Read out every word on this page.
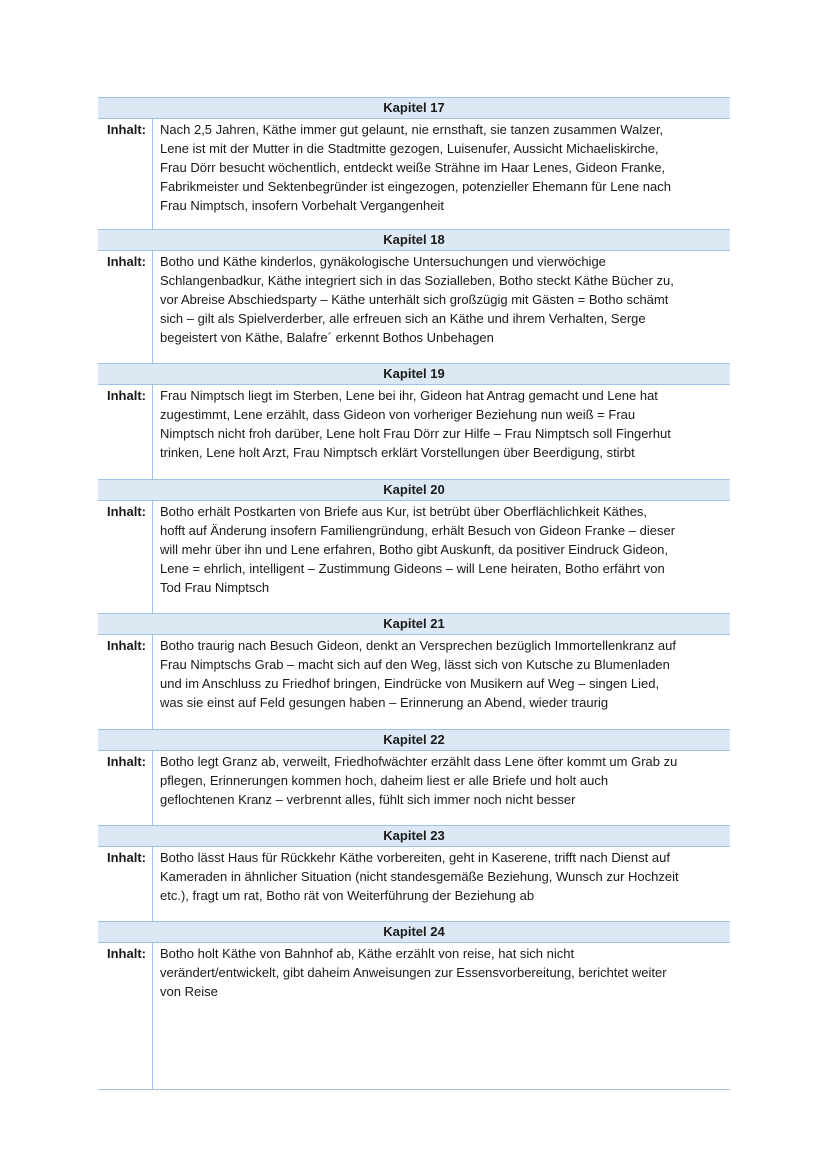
Kapitel 17
Inhalt:	Nach 2,5 Jahren, Käthe immer gut gelaunt, nie ernsthaft, sie tanzen zusammen Walzer,
Lene ist mit der Mutter in die Stadtmitte gezogen, Luisenufer, Aussicht Michaeliskirche,
Frau Dörr besucht wöchentlich, entdeckt weiße Strähne im Haar Lenes, Gideon Franke,
Fabrikmeister und Sektenbegründer ist eingezogen, potenzieller Ehemann für Lene nach
Frau Nimptsch, insofern Vorbehalt Vergangenheit
Kapitel 18
Inhalt:	Botho und Käthe kinderlos, gynäkologische Untersuchungen und vierwöchige
Schlangenbadkur, Käthe integriert sich in das Sozialleben, Botho steckt Käthe Bücher zu,
vor Abreise Abschiedsparty – Käthe unterhält sich großzügig mit Gästen = Botho schämt
sich – gilt als Spielverderber, alle erfreuen sich an Käthe und ihrem Verhalten, Serge
begeistert von Käthe, Balafre´ erkennt Bothos Unbehagen
Kapitel 19
Inhalt:	Frau Nimptsch liegt im Sterben, Lene bei ihr, Gideon hat Antrag gemacht und Lene hat
zugestimmt, Lene erzählt, dass Gideon von vorheriger Beziehung nun weiß = Frau
Nimptsch nicht froh darüber, Lene holt Frau Dörr zur Hilfe – Frau Nimptsch soll Fingerhut
trinken, Lene holt Arzt, Frau Nimptsch erklärt Vorstellungen über Beerdigung, stirbt
Kapitel 20
Inhalt:	Botho erhält Postkarten von Briefe aus Kur, ist betrübt über Oberflächlichkeit Käthes,
hofft auf Änderung insofern Familiengründung, erhält Besuch von Gideon Franke – dieser
will mehr über ihn und Lene erfahren, Botho gibt Auskunft, da positiver Eindruck Gideon,
Lene = ehrlich, intelligent – Zustimmung Gideons – will Lene heiraten, Botho erfährt von
Tod Frau Nimptsch
Kapitel 21
Inhalt:	Botho traurig nach Besuch Gideon, denkt an Versprechen bezüglich Immortellenkranz auf
Frau Nimptschs Grab – macht sich auf den Weg, lässt sich von Kutsche zu Blumenladen
und im Anschluss zu Friedhof bringen, Eindrücke von Musikern auf Weg – singen Lied,
was sie einst auf Feld gesungen haben – Erinnerung an Abend, wieder traurig
Kapitel 22
Inhalt:	Botho legt Granz ab, verweilt, Friedhofwächter erzählt dass Lene öfter kommt um Grab zu
pflegen, Erinnerungen kommen hoch, daheim liest er alle Briefe und holt auch
geflochtenen Kranz – verbrennt alles, fühlt sich immer noch nicht besser
Kapitel 23
Inhalt:	Botho lässt Haus für Rückkehr Käthe vorbereiten, geht in Kaserene, trifft nach Dienst auf
Kameraden in ähnlicher Situation (nicht standesgemäße Beziehung, Wunsch zur Hochzeit
etc.), fragt um rat, Botho rät von Weiterführung der Beziehung ab
Kapitel 24
Inhalt:	Botho holt Käthe von Bahnhof ab, Käthe erzählt von reise, hat sich nicht
verändert/entwickelt, gibt daheim Anweisungen zur Essensvorbereitung, berichtet weiter
von Reise
